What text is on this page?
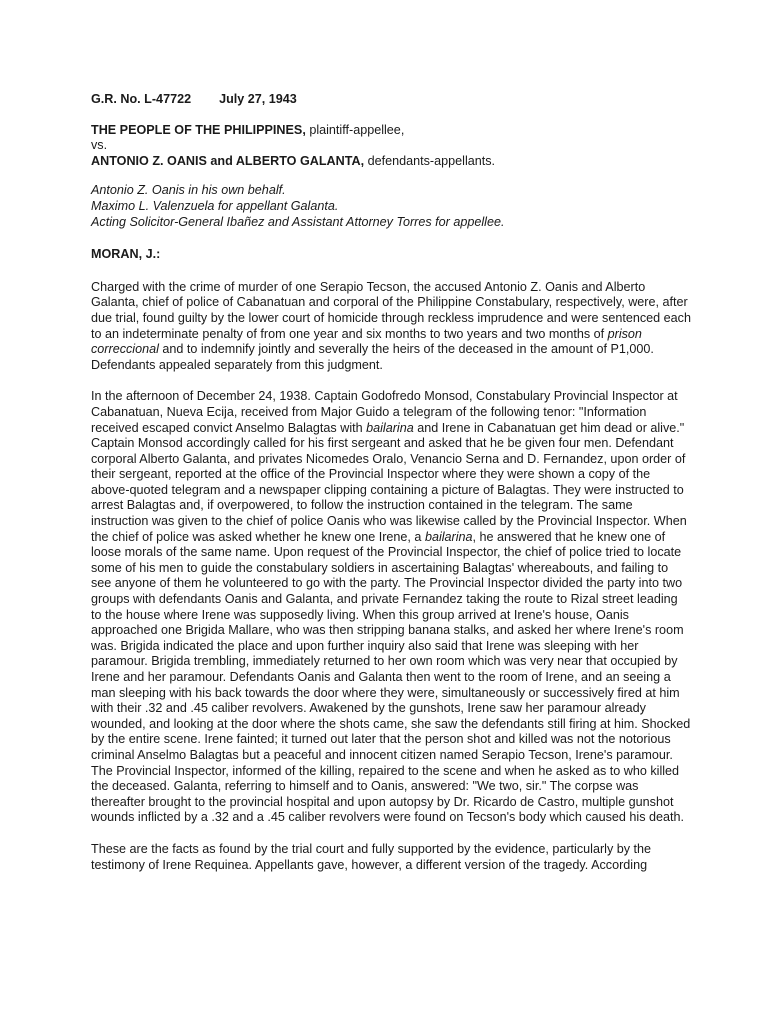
G.R. No. L-47722 July 27, 1943

THE PEOPLE OF THE PHILIPPINES, plaintiff-appellee,

vs.

ANTONIO Z. OANIS and ALBERTO GALANTA, defendants-appellants.

Antonio Z. Oanis in his own behalf.

Maximo L. Valenzuela for appellant Galanta.

Acting Solicitor-General Ibañez and Assistant Attorney Torres for appellee.

MORAN, J.:

Charged with the crime of murder of one Serapio Tecson, the accused Antonio Z. Oanis and Alberto Galanta, chief of police of Cabanatuan and corporal of the Philippine Constabulary, respectively, were, after due trial, found guilty by the lower court of homicide through reckless imprudence and were sentenced each to an indeterminate penalty of from one year and six months to two years and two months of prison correccional and to indemnify jointly and severally the heirs of the deceased in the amount of P1,000. Defendants appealed separately from this judgment.

In the afternoon of December 24, 1938. Captain Godofredo Monsod, Constabulary Provincial Inspector at Cabanatuan, Nueva Ecija, received from Major Guido a telegram of the following tenor: "Information received escaped convict Anselmo Balagtas with bailarina and Irene in Cabanatuan get him dead or alive." Captain Monsod accordingly called for his first sergeant and asked that he be given four men. Defendant corporal Alberto Galanta, and privates Nicomedes Oralo, Venancio Serna and D. Fernandez, upon order of their sergeant, reported at the office of the Provincial Inspector where they were shown a copy of the above-quoted telegram and a newspaper clipping containing a picture of Balagtas. They were instructed to arrest Balagtas and, if overpowered, to follow the instruction contained in the telegram. The same instruction was given to the chief of police Oanis who was likewise called by the Provincial Inspector. When the chief of police was asked whether he knew one Irene, a bailarina, he answered that he knew one of loose morals of the same name. Upon request of the Provincial Inspector, the chief of police tried to locate some of his men to guide the constabulary soldiers in ascertaining Balagtas' whereabouts, and failing to see anyone of them he volunteered to go with the party. The Provincial Inspector divided the party into two groups with defendants Oanis and Galanta, and private Fernandez taking the route to Rizal street leading to the house where Irene was supposedly living. When this group arrived at Irene's house, Oanis approached one Brigida Mallare, who was then stripping banana stalks, and asked her where Irene's room was. Brigida indicated the place and upon further inquiry also said that Irene was sleeping with her paramour. Brigida trembling, immediately returned to her own room which was very near that occupied by Irene and her paramour. Defendants Oanis and Galanta then went to the room of Irene, and an seeing a man sleeping with his back towards the door where they were, simultaneously or successively fired at him with their .32 and .45 caliber revolvers. Awakened by the gunshots, Irene saw her paramour already wounded, and looking at the door where the shots came, she saw the defendants still firing at him. Shocked by the entire scene. Irene fainted; it turned out later that the person shot and killed was not the notorious criminal Anselmo Balagtas but a peaceful and innocent citizen named Serapio Tecson, Irene's paramour. The Provincial Inspector, informed of the killing, repaired to the scene and when he asked as to who killed the deceased. Galanta, referring to himself and to Oanis, answered: "We two, sir." The corpse was thereafter brought to the provincial hospital and upon autopsy by Dr. Ricardo de Castro, multiple gunshot wounds inflicted by a .32 and a .45 caliber revolvers were found on Tecson's body which caused his death.

These are the facts as found by the trial court and fully supported by the evidence, particularly by the testimony of Irene Requinea. Appellants gave, however, a different version of the tragedy. According
